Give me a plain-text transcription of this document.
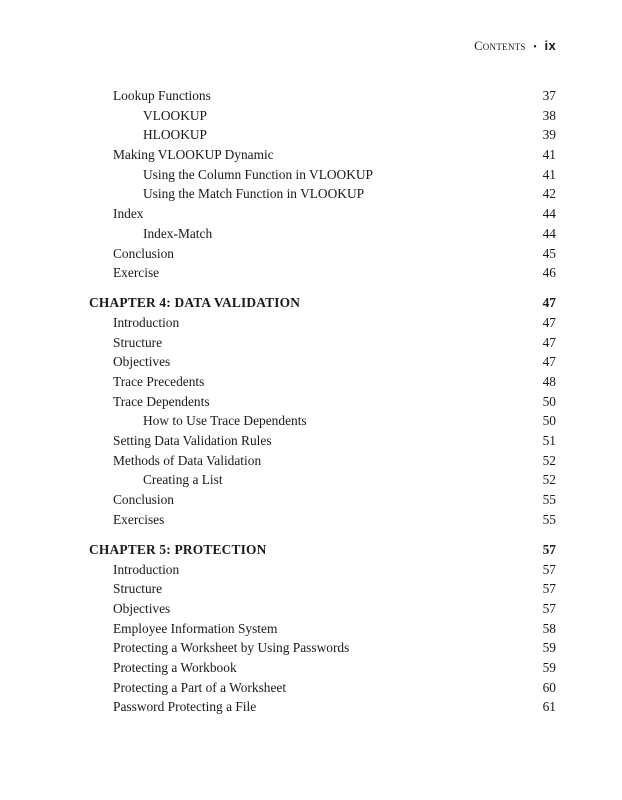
Contents • ix
Lookup Functions	37
VLOOKUP	38
HLOOKUP	39
Making VLOOKUP Dynamic	41
Using the Column Function in VLOOKUP	41
Using the Match Function in VLOOKUP	42
Index	44
Index-Match	44
Conclusion	45
Exercise	46
CHAPTER 4: DATA VALIDATION	47
Introduction	47
Structure	47
Objectives	47
Trace Precedents	48
Trace Dependents	50
How to Use Trace Dependents	50
Setting Data Validation Rules	51
Methods of Data Validation	52
Creating a List	52
Conclusion	55
Exercises	55
CHAPTER 5: PROTECTION	57
Introduction	57
Structure	57
Objectives	57
Employee Information System	58
Protecting a Worksheet by Using Passwords	59
Protecting a Workbook	59
Protecting a Part of a Worksheet	60
Password Protecting a File	61
